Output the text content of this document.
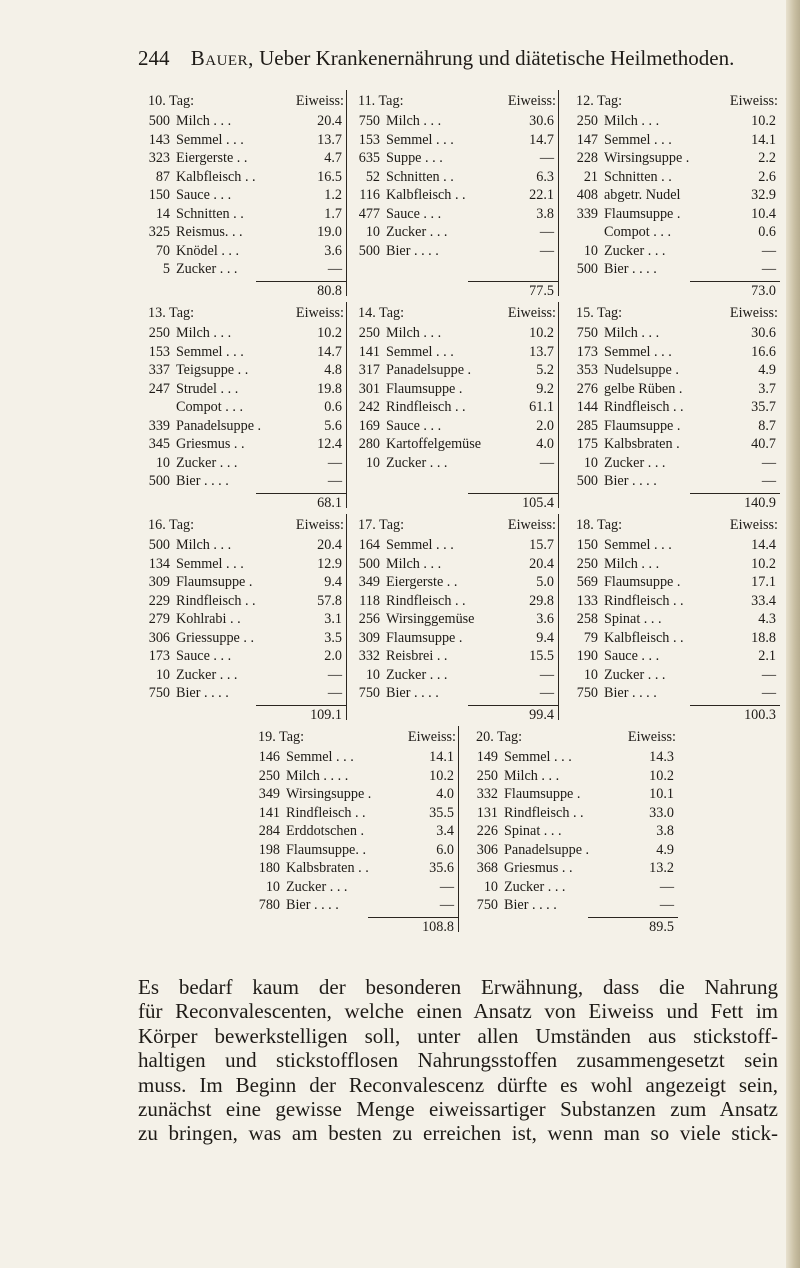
244 Bauer, Ueber Krankenernährung und diätetische Heilmethoden.
10. Tag:	Eiweiss:
500 Milch . . .	20.4
143 Semmel . . .	13.7
323 Eiergerste . .	4.7
87 Kalbfleisch . .	16.5
150 Sauce . . .	1.2
14 Schnitten . .	1.7
325 Reismus. . .	19.0
70 Knödel . . .	3.6
5 Zucker . . .	—
80.8
11. Tag:	Eiweiss:
750 Milch . . .	30.6
153 Semmel . . .	14.7
635 Suppe . . .	—
52 Schnitten . .	6.3
116 Kalbfleisch . .	22.1
477 Sauce . . .	3.8
10 Zucker . . .	—
500 Bier . . . .	—
77.5
12. Tag:	Eiweiss:
250 Milch . . .	10.2
147 Semmel . . .	14.1
228 Wirsingsuppe .	2.2
21 Schnitten . .	2.6
408 abgetr. Nudel	32.9
339 Flaumsuppe .	10.4
Compot . . .	0.6
10 Zucker . . .	—
500 Bier . . . .	—
73.0
13. Tag:	Eiweiss:
250 Milch . . .	10.2
153 Semmel . . .	14.7
337 Teigsuppe . .	4.8
247 Strudel . . .	19.8
Compot . . .	0.6
339 Panadelsuppe .	5.6
345 Griesmus . .	12.4
10 Zucker . . .	—
500 Bier . . . .	—
68.1
14. Tag:	Eiweiss:
250 Milch . . .	10.2
141 Semmel . . .	13.7
317 Panadelsuppe .	5.2
301 Flaumsuppe .	9.2
242 Rindfleisch . .	61.1
169 Sauce . . .	2.0
280 Kartoffelgemüse	4.0
10 Zucker . . .	—
105.4
15. Tag:	Eiweiss:
750 Milch . . .	30.6
173 Semmel . . .	16.6
353 Nudelsuppe .	4.9
276 gelbe Rüben .	3.7
144 Rindfleisch . .	35.7
285 Flaumsuppe .	8.7
175 Kalbsbraten .	40.7
10 Zucker . . .	—
500 Bier . . . .	—
140.9
16. Tag:	Eiweiss:
500 Milch . . .	20.4
134 Semmel . . .	12.9
309 Flaumsuppe .	9.4
229 Rindfleisch . .	57.8
279 Kohlrabi . .	3.1
306 Griessuppe . .	3.5
173 Sauce . . .	2.0
10 Zucker . . .	—
750 Bier . . . .	—
109.1
17. Tag:	Eiweiss:
164 Semmel . . .	15.7
500 Milch . . .	20.4
349 Eiergerste . .	5.0
118 Rindfleisch . .	29.8
256 Wirsinggemüse	3.6
309 Flaumsuppe .	9.4
332 Reisbrei . .	15.5
10 Zucker . . .	—
750 Bier . . . .	—
99.4
18. Tag:	Eiweiss:
150 Semmel . . .	14.4
250 Milch . . .	10.2
569 Flaumsuppe .	17.1
133 Rindfleisch . .	33.4
258 Spinat . . .	4.3
79 Kalbfleisch . .	18.8
190 Sauce . . .	2.1
10 Zucker . . .	—
750 Bier . . . .	—
100.3
19. Tag:	Eiweiss:
146 Semmel . . .	14.1
250 Milch . . . .	10.2
349 Wirsingsuppe .	4.0
141 Rindfleisch . .	35.5
284 Erddotschen .	3.4
198 Flaumsuppe. .	6.0
180 Kalbsbraten . .	35.6
10 Zucker . . .	—
780 Bier . . . .	—
108.8
20. Tag:	Eiweiss:
149 Semmel . . .	14.3
250 Milch . . .	10.2
332 Flaumsuppe .	10.1
131 Rindfleisch . .	33.0
226 Spinat . . .	3.8
306 Panadelsuppe .	4.9
368 Griesmus . .	13.2
10 Zucker . . .	—
750 Bier . . . .	—
89.5
Es bedarf kaum der besonderen Erwähnung, dass die Nahrung
für Reconvalescenten, welche einen Ansatz von Eiweiss und Fett im
Körper bewerkstelligen soll, unter allen Umständen aus stickstoff-
haltigen und stickstofflosen Nahrungsstoffen zusammengesetzt sein
muss. Im Beginn der Reconvalescenz dürfte es wohl angezeigt sein,
zunächst eine gewisse Menge eiweissartiger Substanzen zum Ansatz
zu bringen, was am besten zu erreichen ist, wenn man so viele stick-
